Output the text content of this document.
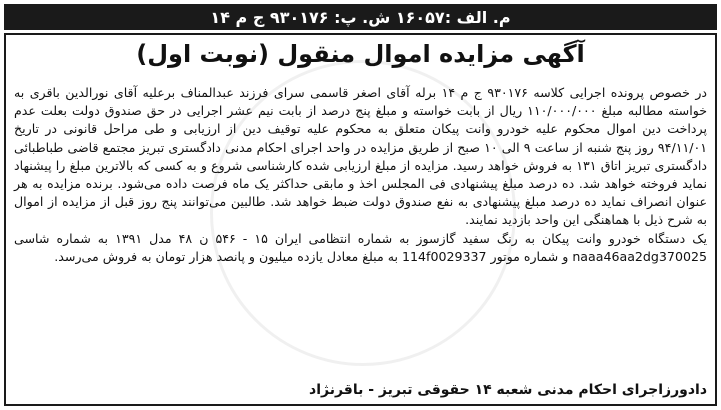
م. الف :۱۶۰۵۷ ش. پ: ۹۳۰۱۷۶ ج م ۱۴
آگهی مزایده اموال منقول (نوبت اول)

در خصوص پرونده اجرایی کلاسه ۹۳۰۱۷۶ ج م ۱۴ برله آقای اصغر قاسمی سرای فرزند عبدالمناف برعلیه آقای نورالدین باقری به خواسته مطالبه مبلغ ۱۱۰/۰۰۰/۰۰۰ ریال از بابت خواسته و مبلغ پنج درصد از بابت نیم عشر اجرایی در حق صندوق دولت بعلت عدم پرداخت دین اموال محکوم علیه خودرو وانت پیکان متعلق به محکوم علیه توقیف دین از ارزیابی و طی مراحل قانونی در تاریخ ۹۴/۱۱/۰۱ روز پنج شنبه از ساعت ۹ الی ۱۰ صبح از طریق مزایده در واحد اجرای احکام مدنی دادگستری تبریز مجتمع قاضی طباطبائی دادگستری تبریز اتاق ۱۳۱ به فروش خواهد رسید. مزایده از مبلغ ارزیابی شده کارشناسی شروع و به کسی که بالاترین مبلغ را پیشنهاد نماید فروخته خواهد شد. ده درصد مبلغ پیشنهادی فی المجلس اخذ و مابقی حداکثر یک ماه فرصت داده می‌شود. برنده مزایده به هر عنوان انصراف نماید ده درصد مبلغ پیشنهادی به نفع صندوق دولت ضبط خواهد شد. طالبین می‌توانند پنج روز قبل از مزایده از اموال به شرح ذیل با هماهنگی این واحد بازدید نمایند.

یک دستگاه خودرو وانت پیکان به رنگ سفید گازسوز به شماره انتظامی ایران ۱۵ - ۵۴۶ ن ۴۸ مدل ۱۳۹۱ به شماره شاسی naaa46aa2dg370025 و شماره موتور 114f0029337 به مبلغ معادل یازده میلیون و پانصد هزار تومان به فروش می‌رسد.

دادورزاجرای احکام مدنی شعبه ۱۴ حقوقی تبریز - باقرنژاد
